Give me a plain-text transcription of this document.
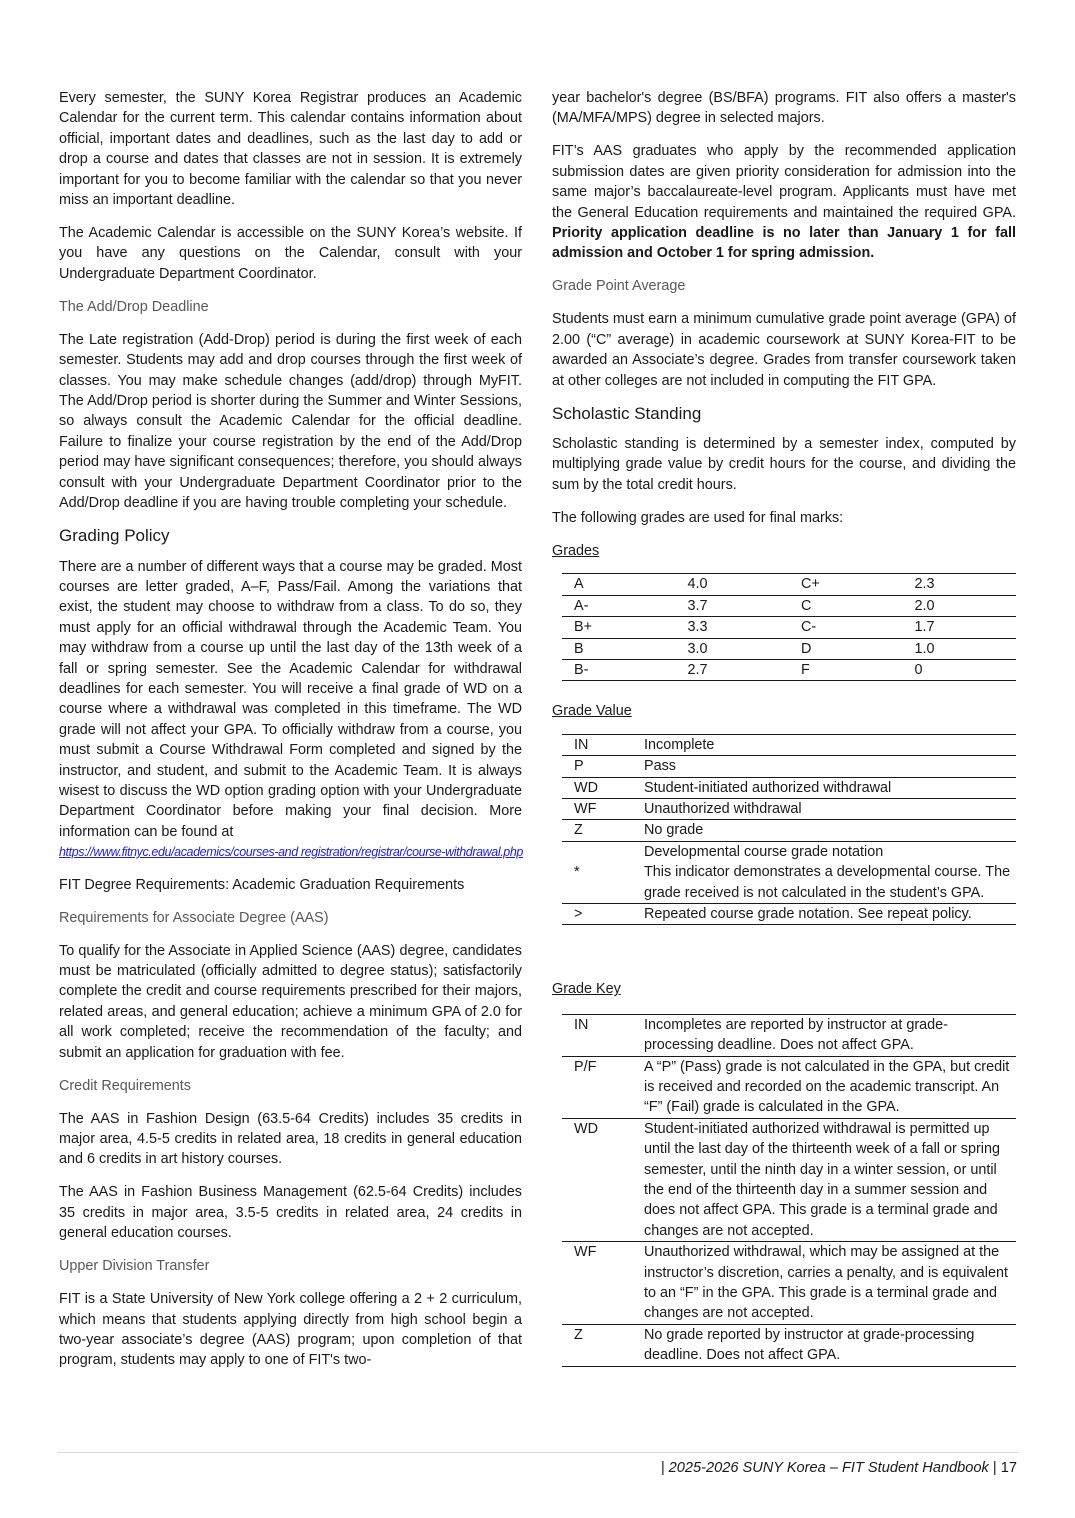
Every semester, the SUNY Korea Registrar produces an Academic Calendar for the current term. This calendar contains information about official, important dates and deadlines, such as the last day to add or drop a course and dates that classes are not in session. It is extremely important for you to become familiar with the calendar so that you never miss an important deadline.

The Academic Calendar is accessible on the SUNY Korea’s website. If you have any questions on the Calendar, consult with your Undergraduate Department Coordinator.

The Add/Drop Deadline

The Late registration (Add-Drop) period is during the first week of each semester. Students may add and drop courses through the first week of classes. You may make schedule changes (add/drop) through MyFIT. The Add/Drop period is shorter during the Summer and Winter Sessions, so always consult the Academic Calendar for the official deadline. Failure to finalize your course registration by the end of the Add/Drop period may have significant consequences; therefore, you should always consult with your Undergraduate Department Coordinator prior to the Add/Drop deadline if you are having trouble completing your schedule.

Grading Policy

There are a number of different ways that a course may be graded. Most courses are letter graded, A–F, Pass/Fail. Among the variations that exist, the student may choose to withdraw from a class. To do so, they must apply for an official withdrawal through the Academic Team. You may withdraw from a course up until the last day of the 13th week of a fall or spring semester. See the Academic Calendar for withdrawal deadlines for each semester. You will receive a final grade of WD on a course where a withdrawal was completed in this timeframe. The WD grade will not affect your GPA. To officially withdraw from a course, you must submit a Course Withdrawal Form completed and signed by the instructor, and student, and submit to the Academic Team. It is always wisest to discuss the WD option grading option with your Undergraduate Department Coordinator before making your final decision. More information can be found at

https://www.fitnyc.edu/academics/courses-and registration/registrar/course-withdrawal.php

FIT Degree Requirements: Academic Graduation Requirements

Requirements for Associate Degree (AAS)

To qualify for the Associate in Applied Science (AAS) degree, candidates must be matriculated (officially admitted to degree status); satisfactorily complete the credit and course requirements prescribed for their majors, related areas, and general education; achieve a minimum GPA of 2.0 for all work completed; receive the recommendation of the faculty; and submit an application for graduation with fee.

Credit Requirements

The AAS in Fashion Design (63.5-64 Credits) includes 35 credits in major area, 4.5-5 credits in related area, 18 credits in general education and 6 credits in art history courses.

The AAS in Fashion Business Management (62.5-64 Credits) includes 35 credits in major area, 3.5-5 credits in related area, 24 credits in general education courses.

Upper Division Transfer

FIT is a State University of New York college offering a 2 + 2 curriculum, which means that students applying directly from high school begin a two-year associate’s degree (AAS) program; upon completion of that program, students may apply to one of FIT's two-

year bachelor's degree (BS/BFA) programs. FIT also offers a master's (MA/MFA/MPS) degree in selected majors.

FIT’s AAS graduates who apply by the recommended application submission dates are given priority consideration for admission into the same major’s baccalaureate-level program. Applicants must have met the General Education requirements and maintained the required GPA. Priority application deadline is no later than January 1 for fall admission and October 1 for spring admission.

Grade Point Average

Students must earn a minimum cumulative grade point average (GPA) of 2.00 (“C” average) in academic coursework at SUNY Korea-FIT to be awarded an Associate’s degree. Grades from transfer coursework taken at other colleges are not included in computing the FIT GPA.

Scholastic Standing

Scholastic standing is determined by a semester index, computed by multiplying grade value by credit hours for the course, and dividing the sum by the total credit hours.

The following grades are used for final marks:

Grades
A	4.0	C+	2.3
A-	3.7	C	2.0
B+	3.3	C-	1.7
B	3.0	D	1.0
B-	2.7	F	0
Grade Value
IN	Incomplete
P	Pass
WD	Student-initiated authorized withdrawal
WF	Unauthorized withdrawal
Z	No grade
*	Developmental course grade notation
This indicator demonstrates a developmental course. The grade received is not calculated in the student’s GPA.

>	Repeated course grade notation. See repeat policy.
Grade Key
IN	Incompletes are reported by instructor at grade-processing deadline. Does not affect GPA.
P/F	A “P” (Pass) grade is not calculated in the GPA, but credit is received and recorded on the academic transcript. An “F” (Fail) grade is calculated in the GPA.
WD	Student-initiated authorized withdrawal is permitted up until the last day of the thirteenth week of a fall or spring semester, until the ninth day in a winter session, or until the end of the thirteenth day in a summer session and does not affect GPA. This grade is a terminal grade and changes are not accepted.
WF	Unauthorized withdrawal, which may be assigned at the instructor’s discretion, carries a penalty, and is equivalent to an “F” in the GPA. This grade is a terminal grade and changes are not accepted.
Z	No grade reported by instructor at grade-processing deadline. Does not affect GPA.
| 2025-2026 SUNY Korea – FIT Student Handbook | 17
